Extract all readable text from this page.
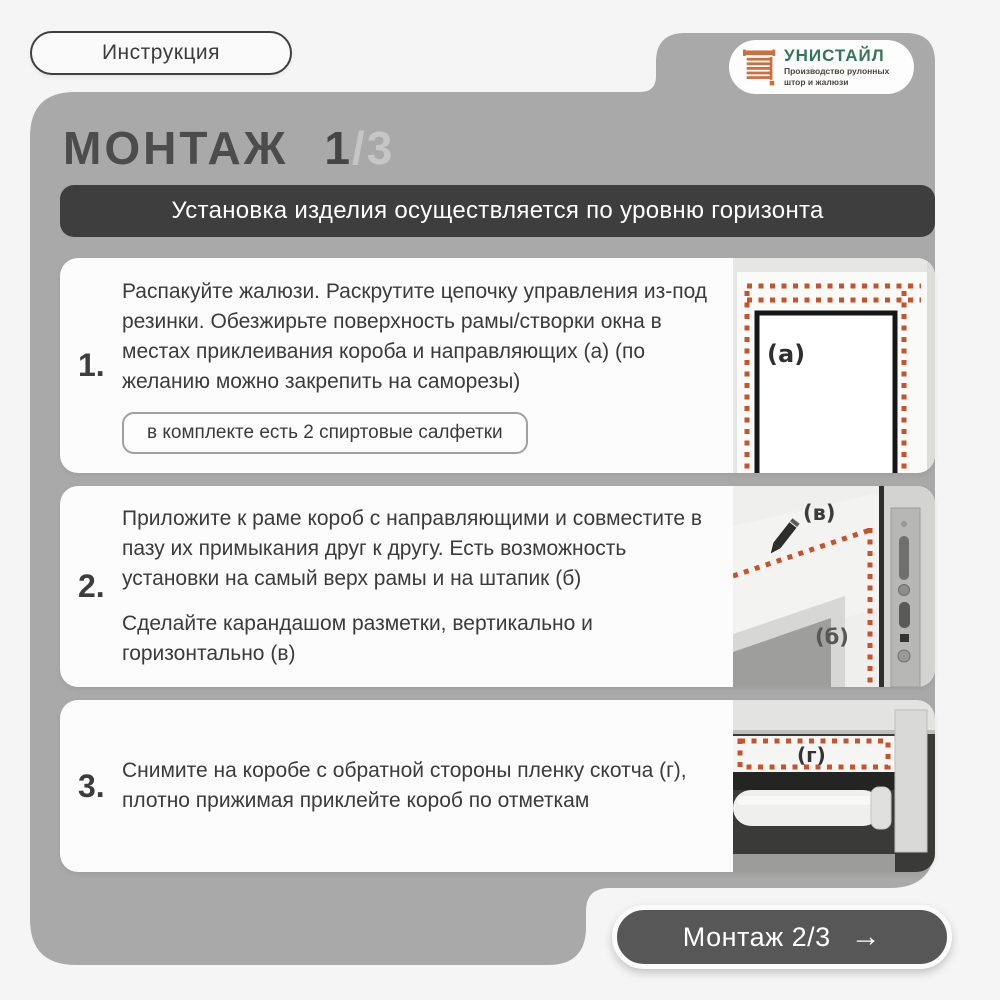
Инструкция	УНИСТАЙЛ
Производство рулонных штор и жалюзи
МОНТАЖ 1/3
Установка изделия осуществляется по уровню горизонта
1.
Распакуйте жалюзи. Раскрутите цепочку управления из-под резинки. Обезжирьте поверхность рамы/створки окна в местах приклеивания короба и направляющих (а) (по желанию можно закрепить на саморезы)
в комплекте есть 2 спиртовые салфетки
(а)
2.
Приложите к раме короб с направляющими и совместите в пазу их примыкания друг к другу. Есть возможность установки на самый верх рамы и на штапик (б)
Сделайте карандашом разметки, вертикально и горизонтально (в)
(в)
(б)
3. Снимите на коробе с обратной стороны пленку скотча (г), плотно прижимая приклейте короб по отметкам
(г)
Монтаж 2/3 →
